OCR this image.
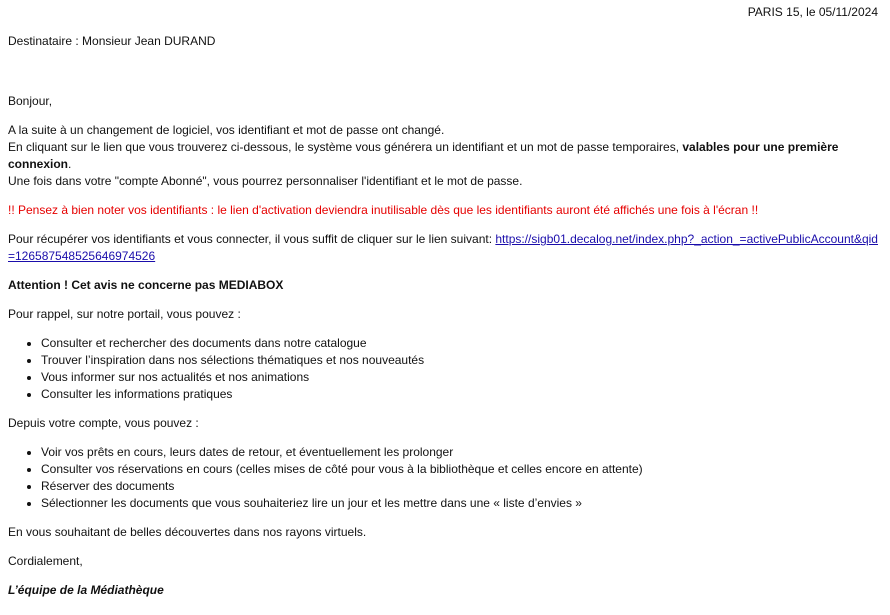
PARIS 15, le 05/11/2024

Destinataire : Monsieur Jean DURAND

Bonjour,

A la suite à un changement de logiciel, vos identifiant et mot de passe ont changé.

En cliquant sur le lien que vous trouverez ci-dessous, le système vous générera un identifiant et un mot de passe temporaires, valables pour une première connexion.

Une fois dans votre "compte Abonné", vous pourrez personnaliser l'identifiant et le mot de passe.

!! Pensez à bien noter vos identifiants : le lien d'activation deviendra inutilisable dès que les identifiants auront été affichés une fois à l'écran !!

Pour récupérer vos identifiants et vous connecter, il vous suffit de cliquer sur le lien suivant: https://sigb01.decalog.net/index.php?_action_=activePublicAccount&qid=126587548525646974526

Attention ! Cet avis ne concerne pas MEDIABOX

Pour rappel, sur notre portail, vous pouvez :

• Consulter et rechercher des documents dans notre catalogue
• Trouver l’inspiration dans nos sélections thématiques et nos nouveautés
• Vous informer sur nos actualités et nos animations
• Consulter les informations pratiques

Depuis votre compte, vous pouvez :

• Voir vos prêts en cours, leurs dates de retour, et éventuellement les prolonger
• Consulter vos réservations en cours (celles mises de côté pour vous à la bibliothèque et celles encore en attente)
• Réserver des documents
• Sélectionner les documents que vous souhaiteriez lire un jour et les mettre dans une « liste d’envies »

En vous souhaitant de belles découvertes dans nos rayons virtuels.

Cordialement,

L’équipe de la Médiathèque
